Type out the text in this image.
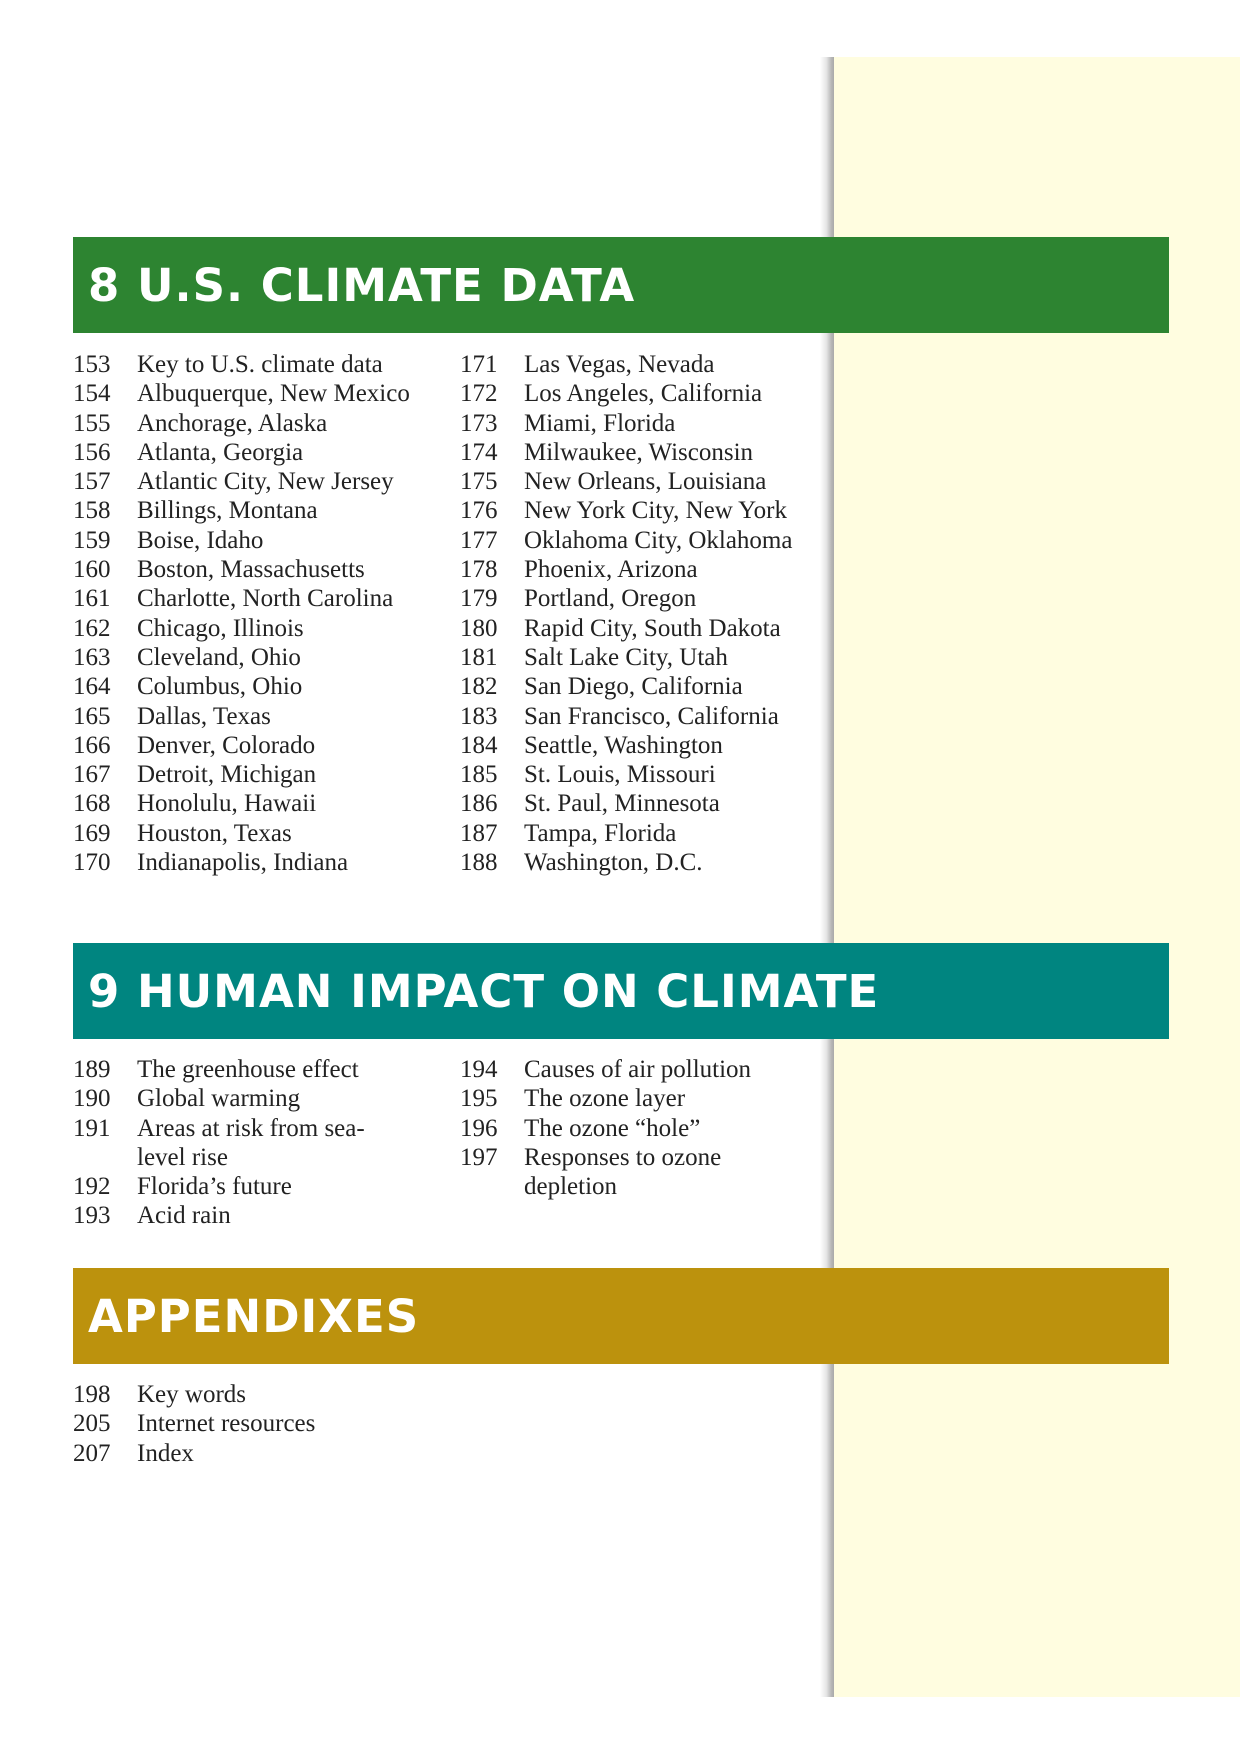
8 U.S. CLIMATE DATA
153	Key to U.S. climate data
154	Albuquerque, New Mexico
155	Anchorage, Alaska
156	Atlanta, Georgia
157	Atlantic City, New Jersey
158	Billings, Montana
159	Boise, Idaho
160	Boston, Massachusetts
161	Charlotte, North Carolina
162	Chicago, Illinois
163	Cleveland, Ohio
164	Columbus, Ohio
165	Dallas, Texas
166	Denver, Colorado
167	Detroit, Michigan
168	Honolulu, Hawaii
169	Houston, Texas
170	Indianapolis, Indiana
171	Las Vegas, Nevada
172	Los Angeles, California
173	Miami, Florida
174	Milwaukee, Wisconsin
175	New Orleans, Louisiana
176	New York City, New York
177	Oklahoma City, Oklahoma
178	Phoenix, Arizona
179	Portland, Oregon
180	Rapid City, South Dakota
181	Salt Lake City, Utah
182	San Diego, California
183	San Francisco, California
184	Seattle, Washington
185	St. Louis, Missouri
186	St. Paul, Minnesota
187	Tampa, Florida
188	Washington, D.C.
9 HUMAN IMPACT ON CLIMATE
189	The greenhouse effect
190	Global warming
191	Areas at risk from sea-level rise
192	Florida’s future
193	Acid rain
194	Causes of air pollution
195	The ozone layer
196	The ozone “hole”
197	Responses to ozone depletion
APPENDIXES
198	Key words
205	Internet resources
207	Index
